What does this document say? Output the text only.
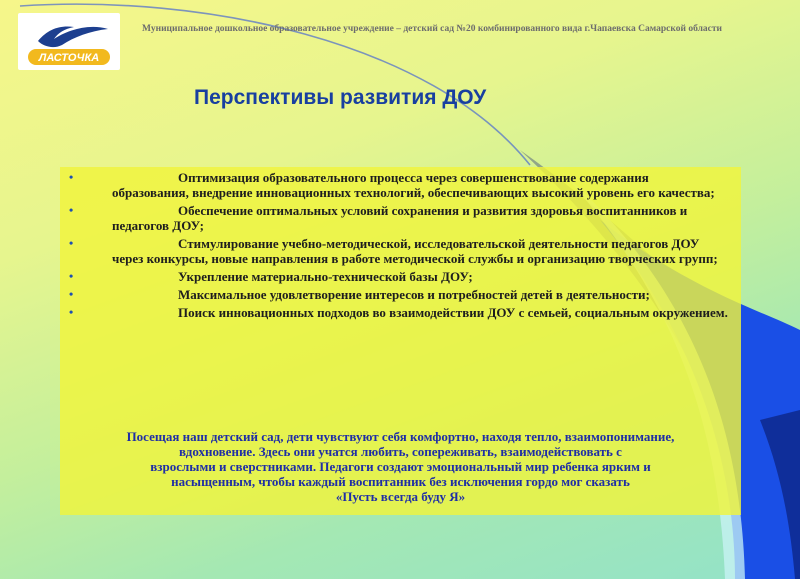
ЛАСТОЧКА
Муниципальное дошкольное образовательное учреждение – детский сад №20 комбинированного вида г.Чапаевска Самарской области
Перспективы развития ДОУ
•	Оптимизация образовательного процесса через совершенствование содержания образования, внедрение инновационных технологий, обеспечивающих высокий уровень его качества;
•	Обеспечение оптимальных условий сохранения и развития здоровья воспитанников и педагогов ДОУ;
•	Стимулирование учебно-методической, исследовательской деятельности педагогов ДОУ через конкурсы, новые направления в работе методической службы и организацию творческих групп;
•	Укрепление материально-технической базы ДОУ;
•	Максимальное удовлетворение интересов и потребностей детей в деятельности;
•	Поиск инновационных подходов во взаимодействии ДОУ с семьей, социальным окружением.
Посещая наш детский сад, дети чувствуют себя комфортно, находя тепло, взаимопонимание,
вдохновение. Здесь они учатся любить, сопереживать, взаимодействовать с
взрослыми и сверстниками. Педагоги создают эмоциональный мир ребенка ярким и
насыщенным, чтобы каждый воспитанник без исключения гордо мог сказать
«Пусть всегда буду Я»
